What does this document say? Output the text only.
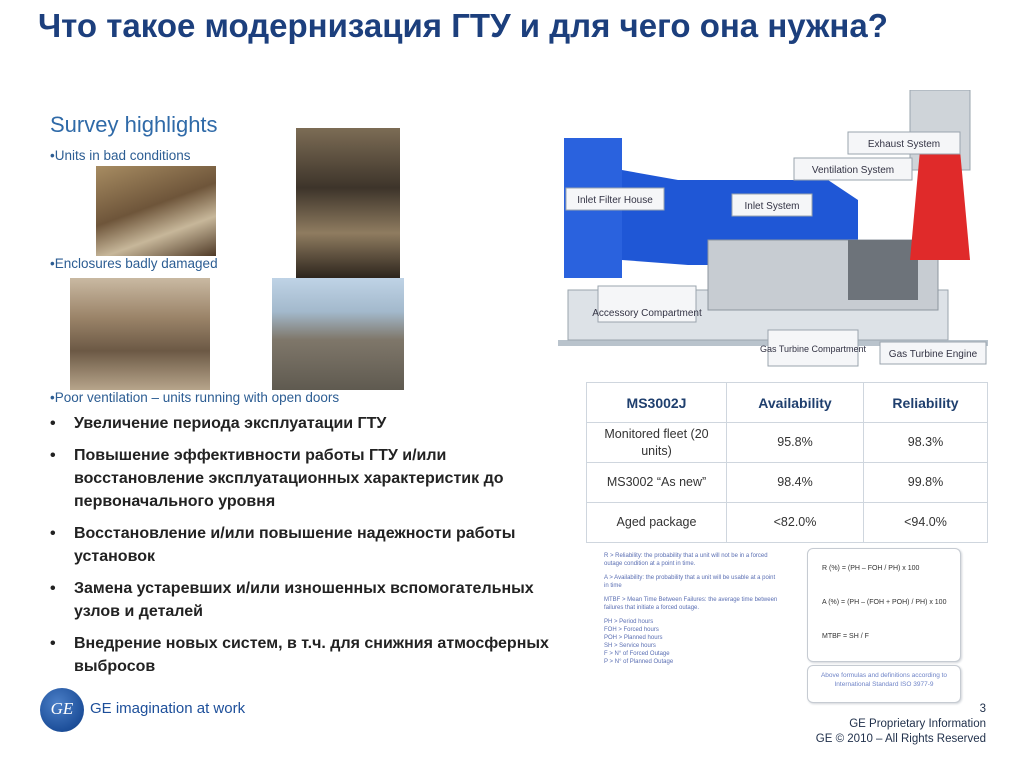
Что такое модернизация ГТУ и для чего она нужна?
Survey highlights
•Units in bad conditions
•Enclosures badly damaged
•Poor ventilation – units running with open doors
Exhaust System
Ventilation System
Inlet Filter House
Inlet System
Accessory Compartment
Gas Turbine Compartment Gas Turbine Engine
• Увеличение периода эксплуатации ГТУ
• Повышение эффективности работы ГТУ и/или восстановление эксплуатационных характеристик до первоначального уровня
• Восстановление и/или повышение надежности работы установок
• Замена устаревших и/или изношенных вспомогательных узлов и деталей
• Внедрение новых систем, в т.ч. для снижния атмосферных выбросов
MS3002J	Availability	Reliability
Monitored fleet (20 units)	95.8%	98.3%
MS3002 “As new”	98.4%	99.8%
Aged package	<82.0%	<94.0%
R > Reliability: the probability that a unit will not be in a forced outage condition at a point in time.
A > Availability: the probability that a unit will be usable at a point in time
MTBF > Mean Time Between Failures: the average time between failures that initiate a forced outage.
PH > Period hours
FOH > Forced hours
POH > Planned hours
SH > Service hours
F > N° of Forced Outage
P > N° of Planned Outage
R (%) = (PH – FOH / PH) x 100
A (%) = (PH – (FOH + POH) / PH) x 100
MTBF = SH / F
Above formulas and definitions according to International Standard ISO 3977-9
GE	GE imagination at work	3
GE Proprietary Information
GE © 2010 – All Rights Reserved
